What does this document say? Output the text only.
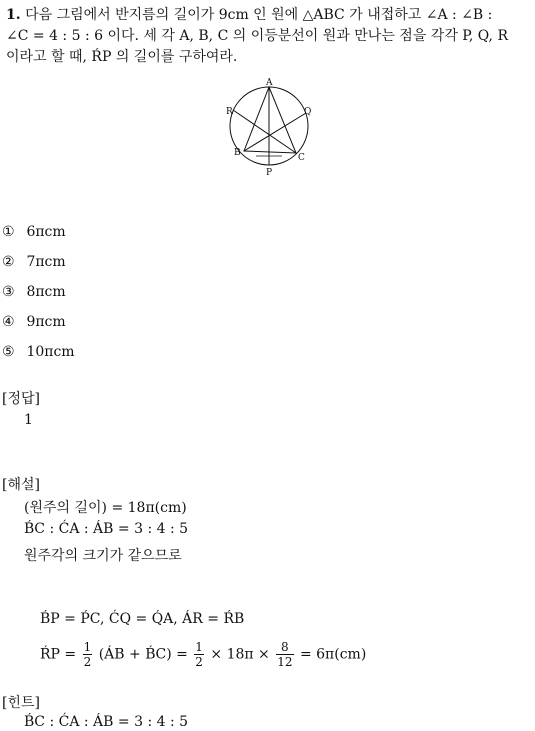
1. 다음 그림에서 반지름의 길이가 9cm 인 원에 △ABC 가 내접하고 ∠A : ∠B :
∠C = 4 : 5 : 6 이다. 세 각 A, B, C 의 이등분선이 원과 만나는 점을 각각 P, Q, R
이라고 할 때, ŔP 의 길이를 구하여라.
A
B	C
P
Q
R
① 6πcm
② 7πcm
③ 8πcm
④ 9πcm
⑤ 10πcm
[정답]
1
[해설]
(원주의 길이) = 18π(cm)
B́C : ĆA : ÁB = 3 : 4 : 5
원주각의 크기가 같으므로
B́P = ṔC, ĆQ = Q́A, ÁR = ŔB
ŔP = $\frac{1}{2}$ (ÁB + B́C) = $\frac{1}{2} \times 18\pi \times \frac{8}{12} = 6\pi(cm)$
[힌트]
B́C : ĆA : ÁB = 3 : 4 : 5
